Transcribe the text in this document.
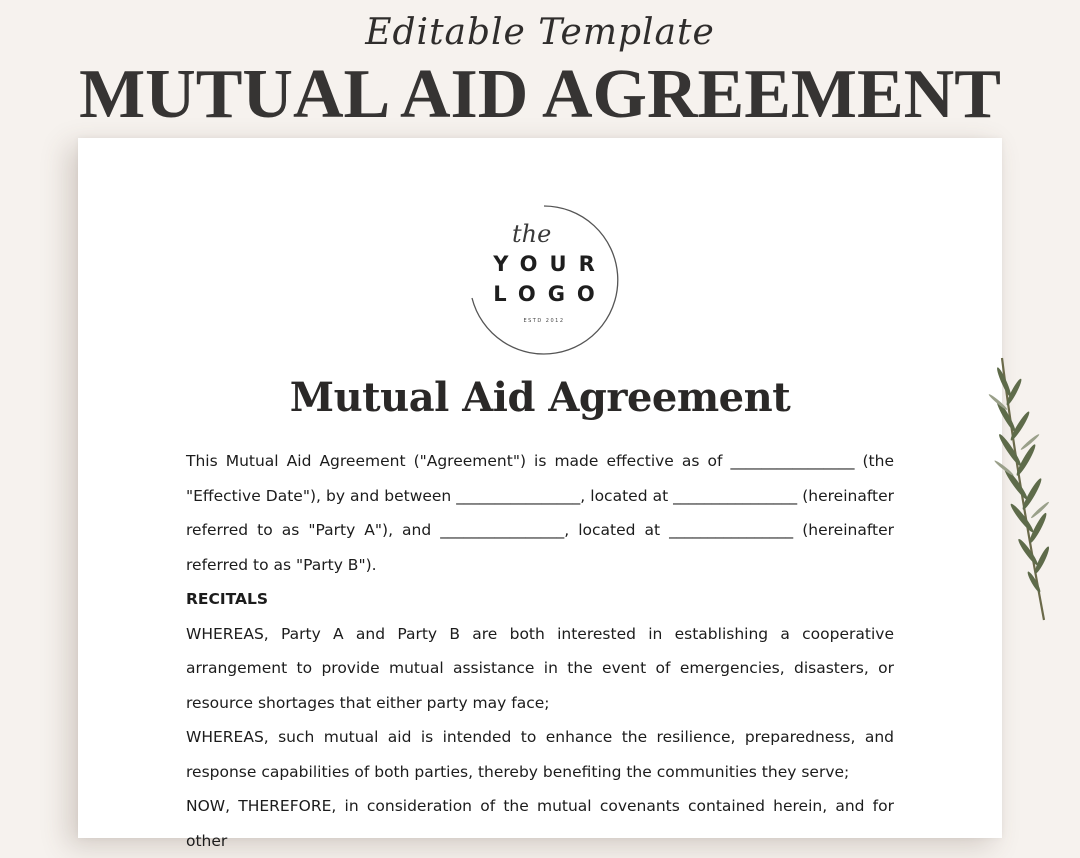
Editable Template
MUTUAL AID AGREEMENT
the
YOUR
LOGO
ESTD 2012
Mutual Aid Agreement

This Mutual Aid Agreement ("Agreement") is made effective as of ________________ (the "Effective Date"), by and between ________________, located at ________________ (hereinafter referred to as "Party A"), and ________________, located at ________________ (hereinafter referred to as "Party B").

RECITALS

WHEREAS, Party A and Party B are both interested in establishing a cooperative arrangement to provide mutual assistance in the event of emergencies, disasters, or resource shortages that either party may face;

WHEREAS, such mutual aid is intended to enhance the resilience, preparedness, and response capabilities of both parties, thereby benefiting the communities they serve;

NOW, THEREFORE, in consideration of the mutual covenants contained herein, and for other
